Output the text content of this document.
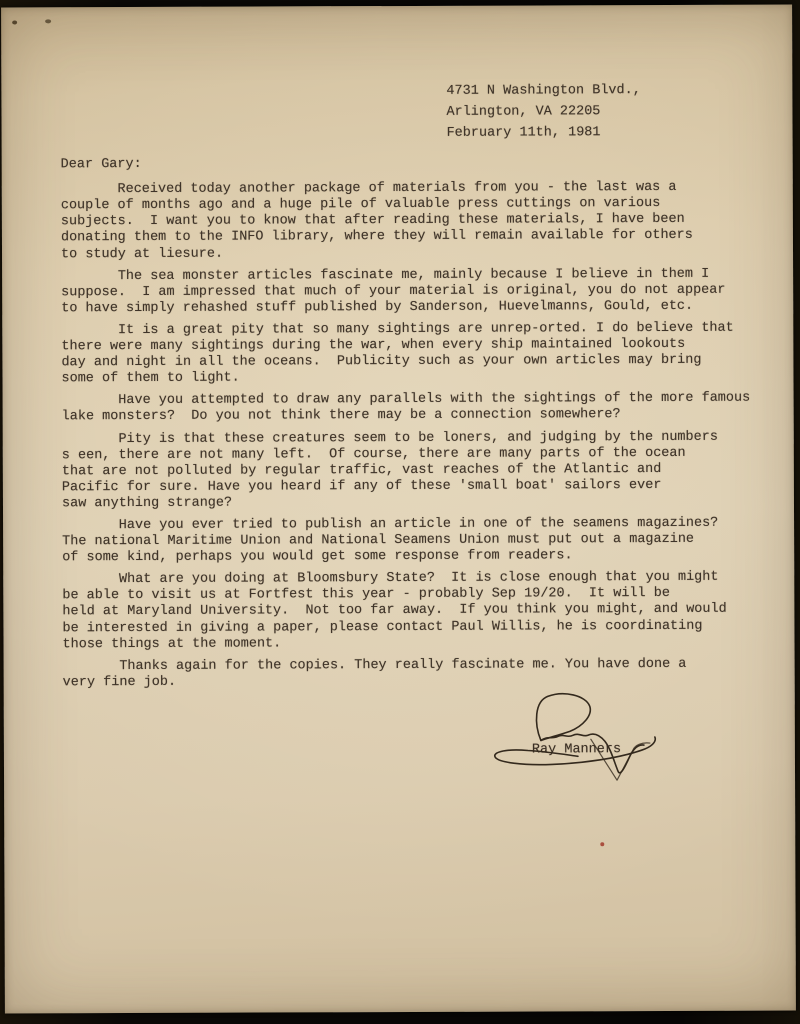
4731 N Washington Blvd.,
Arlington, VA 22205
February 11th, 1981
Dear Gary:

Received today another package of materials from you - the last was a
couple of months ago and a huge pile of valuable press cuttings on various
subjects.  I want you to know that after reading these materials, I have been
donating them to the INFO library, where they will remain available for others
to study at liesure.

The sea monster articles fascinate me, mainly because I believe in them I
suppose.  I am impressed that much of your material is original, you do not appear
to have simply rehashed stuff published by Sanderson, Huevelmanns, Gould, etc.

It is a great pity that so many sightings are unrep-orted. I do believe that
there were many sightings during the war, when every ship maintained lookouts
day and night in all the oceans.  Publicity such as your own articles may bring
some of them to light.

Have you attempted to draw any parallels with the sightings of the more famous
lake monsters?  Do you not think there may be a connection somewhere?

Pity is that these creatures seem to be loners, and judging by the numbers
s een, there are not many left.  Of course, there are many parts of the ocean
that are not polluted by regular traffic, vast reaches of the Atlantic and
Pacific for sure. Have you heard if any of these 'small boat' sailors ever
saw anything strange?

Have you ever tried to publish an article in one of the seamens magazines?
The national Maritime Union and National Seamens Union must put out a magazine
of some kind, perhaps you would get some response from readers.

What are you doing at Bloomsbury State?  It is close enough that you might
be able to visit us at Fortfest this year - probably Sep 19/20.  It will be
held at Maryland University.  Not too far away.  If you think you might, and would
be interested in giving a paper, please contact Paul Willis, he is coordinating
those things at the moment.

Thanks again for the copies. They really fascinate me. You have done a
very fine job.

Ray Manners
